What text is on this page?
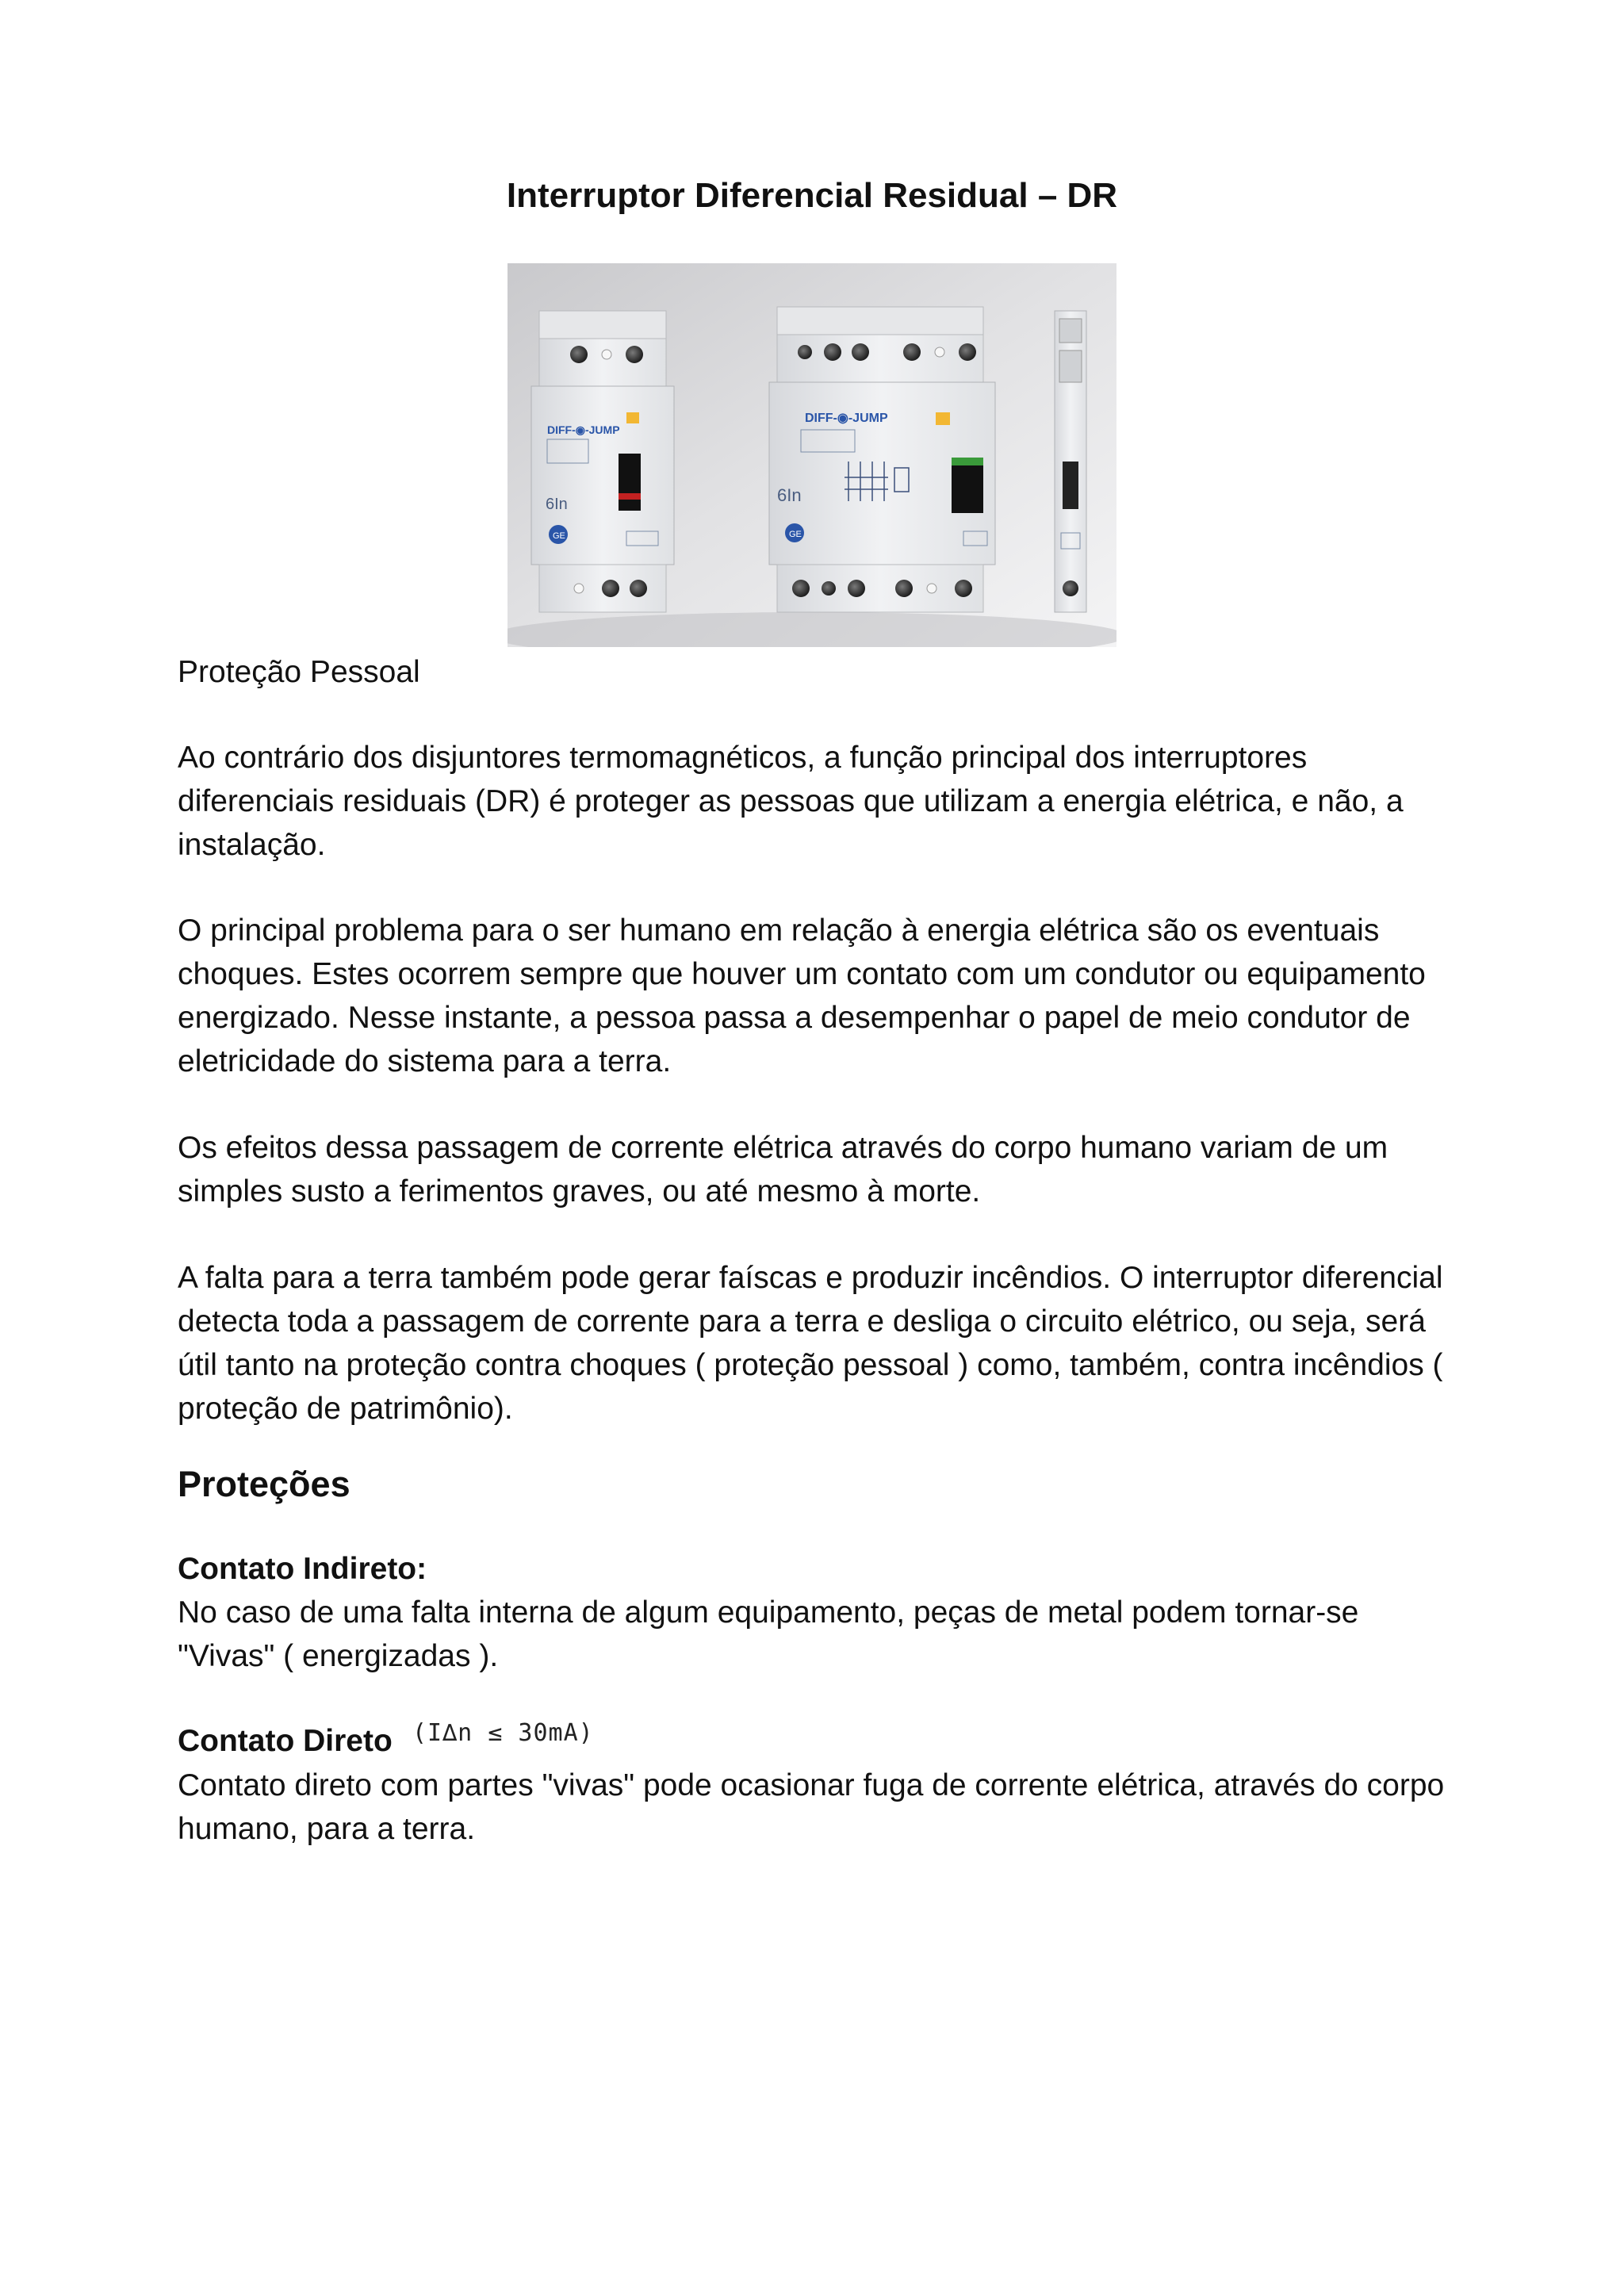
Interruptor Diferencial Residual – DR
DIFF-◉-JUMP
6In
GE
DIFF-◉-JUMP
6In
GE

Proteção Pessoal

Ao contrário dos disjuntores termomagnéticos, a função principal dos interruptores diferenciais residuais (DR) é proteger as pessoas que utilizam a energia elétrica, e não, a instalação.

O principal problema para o ser humano em relação à energia elétrica são os eventuais choques. Estes ocorrem sempre que houver um contato com um condutor ou equipamento energizado. Nesse instante, a pessoa passa a desempenhar o papel de meio condutor de eletricidade do sistema para a terra.

Os efeitos dessa passagem de corrente elétrica através do corpo humano variam de um simples susto a ferimentos graves, ou até mesmo à morte.

A falta para a terra também pode gerar faíscas e produzir incêndios. O interruptor diferencial detecta toda a passagem de corrente para a terra e desliga o circuito elétrico, ou seja, será útil tanto na proteção contra choques ( proteção pessoal ) como, também, contra incêndios ( proteção de patrimônio).

Proteções
Contato Indireto:

No caso de uma falta interna de algum equipamento, peças de metal podem tornar-se "Vivas" ( energizadas ).

Contato Direto (I∆n ≤ 30mA)

Contato direto com partes "vivas" pode ocasionar fuga de corrente elétrica, através do corpo humano, para a terra.
